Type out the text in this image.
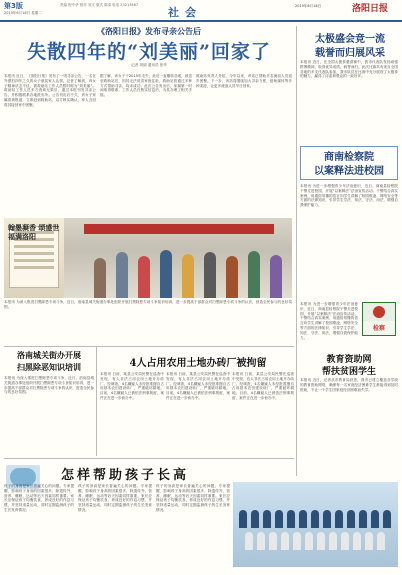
第3版
2019年6月18日 星期二
责编 程中华 校对 刘文 版式 陈清 电话 23213567
社会	2019年6月18日	洛阳日报
《洛阳日报》发布寻亲公告后
失散四年的“刘美丽”回家了
记者 刘丽 通讯员 张华
本报讯 近日，《洛阳日报》发布了一则寻亲公告，一名在外漂泊四年之久的女子被其家人认领。记者了解到，该女子精神状态不佳，被救助站工作人员暂时称为“刘美丽”。救助站工作人员多方查询无果后，通过本报刊发寻亲公告，并积极联系各地派出所。公告刊出后不久，该女子家属看到报道，立即赶到救助站，双方核实确认，家人含泪将其接回家中团聚。
据了解，该女子于2015年走失，此后一直辗转各地，被送至救助站后，因其无法说清家庭住址，救助站曾通过多种方式帮助寻亲，均未成功。此次公告发出后，家属第一时间取得联系，工作人员在核实信息后，为其办理了相关手续。
救助站负责人介绍，今年以来，该站已帮助多名流浪人员返乡团聚。下一步，该站将继续加大寻亲力度，借助媒体等多种渠道，让更多流浪人员早日回家。
翰墨凝香 颂盛世 福满洛阳
本报讯 为深入推进扫黑除恶专项斗争，近日，洛南县城关街道办事处组织开展扫黑除恶专项斗争知识培训，进一步提高干部群众对扫黑除恶专项斗争的认识，营造全民参与的良好氛围。
太极盛会竞一流
载誉而归展风采
本报讯 近日，在全国太极拳邀请赛中，我市代表队发扬顽强拼搏精神，取得优异成绩，载誉而归。此次比赛共有来自全国各地的多支代表队参加，我市队员在比赛中充分展现了太极拳的魅力，赢得了评委和观众的一致好评。
商南检察院
以案释法进校园
本报讯 为进一步增强青少年法治意识，近日，商南县检察院干警走进校园，开展“以案释法”法治宣传活动。干警结合真实案例，用通俗易懂的语言向学生讲解了校园欺凌、网络安全等方面的法律知识，引导学生学法、知法、守法、用法，增强自我保护能力。
本报讯 为进一步增强青少年法治意识，近日，商南县检察院干警走进校园，开展“以案释法”法治宣传活动。干警结合真实案例，用通俗易懂的语言向学生讲解了校园欺凌、网络安全等方面的法律知识，引导学生学法、知法、守法、用法，增强自我保护能力。
检察
洛南城关街办开展
扫黑除恶知识培训
本报讯 为深入推进扫黑除恶专项斗争，近日，洛南县城关街道办事处组织开展扫黑除恶专项斗争知识培训，进一步提高干部群众对扫黑除恶专项斗争的认识，营造全民参与的良好氛围。
4人占用农用土地办砖厂被拘留
本报讯 日前，某县公安局民警在巡查中发现，有人非法占用农用土地开办砖厂。经调查，4名嫌疑人未经批准擅自占用基本农田建设砖厂，严重破坏耕地。目前，4名嫌疑人已被依法刑事拘留，案件正在进一步侦办中。
本报讯 日前，某县公安局民警在巡查中发现，有人非法占用农用土地开办砖厂。经调查，4名嫌疑人未经批准擅自占用基本农田建设砖厂，严重破坏耕地。目前，4名嫌疑人已被依法刑事拘留，案件正在进一步侦办中。
本报讯 日前，某县公安局民警在巡查中发现，有人非法占用农用土地开办砖厂。经调查，4名嫌疑人未经批准擅自占用基本农田建设砖厂，严重破坏耕地。目前，4名嫌疑人已被依法刑事拘留，案件正在进一步侦办中。
教育资助网
帮扶贫困学生
本报讯 近日，记者从市教育局获悉，我市已建立覆盖各学段的教育资助网络，确保每一名家庭经济困难学生都能得到及时资助，不让一个学生因家庭经济困难而失学。
怎样帮助孩子长高
孩子的身高是家长普遍关心的问题。专家提醒，影响孩子身高的因素很多，除遗传外，营养、睡眠、运动等后天因素同样重要。家长应保证孩子均衡饮食，养成良好的作息习惯，并坚持适量运动，同时定期监测孩子的生长发育情况。
孩子的身高是家长普遍关心的问题。专家提醒，影响孩子身高的因素很多，除遗传外，营养、睡眠、运动等后天因素同样重要。家长应保证孩子均衡饮食，养成良好的作息习惯，并坚持适量运动，同时定期监测孩子的生长发育情况。
孩子的身高是家长普遍关心的问题。专家提醒，影响孩子身高的因素很多，除遗传外，营养、睡眠、运动等后天因素同样重要。家长应保证孩子均衡饮食，养成良好的作息习惯，并坚持适量运动，同时定期监测孩子的生长发育情况。
